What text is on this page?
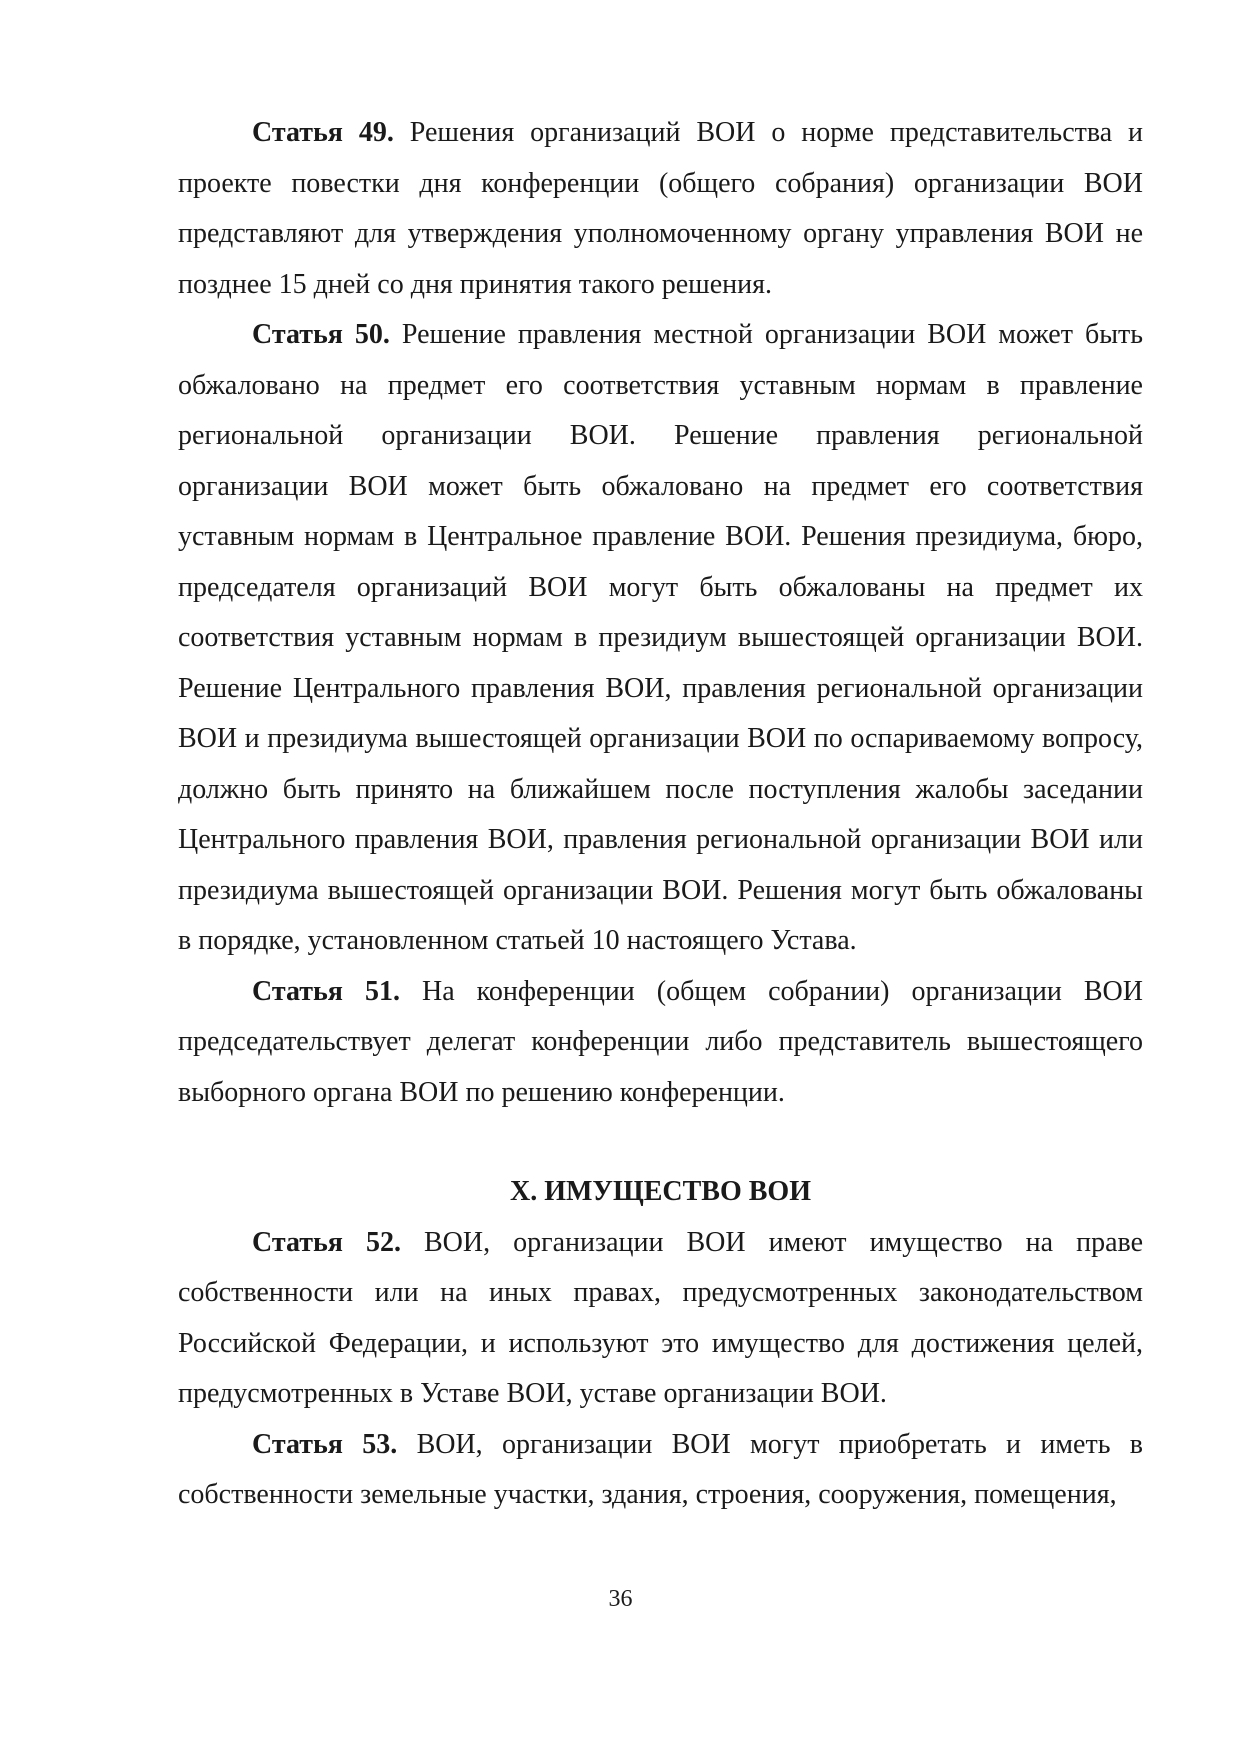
Статья 49. Решения организаций ВОИ о норме представительства и проекте повестки дня конференции (общего собрания) организации ВОИ представляют для утверждения уполномоченному органу управления ВОИ не позднее 15 дней со дня принятия такого решения.

Статья 50. Решение правления местной организации ВОИ может быть обжаловано на предмет его соответствия уставным нормам в правление региональной организации ВОИ. Решение правления региональной организации ВОИ может быть обжаловано на предмет его соответствия уставным нормам в Центральное правление ВОИ. Решения президиума, бюро, председателя организаций ВОИ могут быть обжалованы на предмет их соответствия уставным нормам в президиум вышестоящей организации ВОИ. Решение Центрального правления ВОИ, правления региональной организации ВОИ и президиума вышестоящей организации ВОИ по оспариваемому вопросу, должно быть принято на ближайшем после поступления жалобы заседании Центрального правления ВОИ, правления региональной организации ВОИ или президиума вышестоящей организации ВОИ. Решения могут быть обжалованы в порядке, установленном статьей 10 настоящего Устава.

Статья 51. На конференции (общем собрании) организации ВОИ председательствует делегат конференции либо представитель вышестоящего выборного органа ВОИ по решению конференции.

X. ИМУЩЕСТВО ВОИ

Статья 52. ВОИ, организации ВОИ имеют имущество на праве собственности или на иных правах, предусмотренных законодательством Российской Федерации, и используют это имущество для достижения целей, предусмотренных в Уставе ВОИ, уставе организации ВОИ.

Статья 53. ВОИ, организации ВОИ могут приобретать и иметь в собственности земельные участки, здания, строения, сооружения, помещения,

36
